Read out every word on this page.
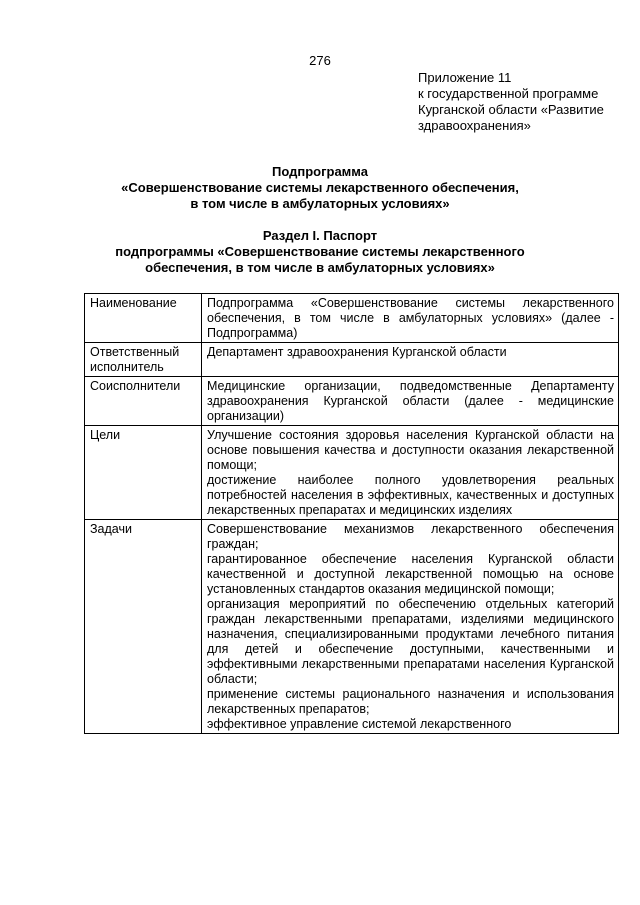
276
Приложение 11
к государственной программе
Курганской области «Развитие
здравоохранения»
Подпрограмма
«Совершенствование системы лекарственного обеспечения,
в том числе в амбулаторных условиях»
Раздел I. Паспорт
подпрограммы «Совершенствование системы лекарственного
обеспечения, в том числе в амбулаторных условиях»
Наименование	Подпрограмма «Совершенствование системы лекарственного обеспечения, в том числе в амбулаторных условиях» (далее - Подпрограмма)
Ответственный исполнитель	Департамент здравоохранения Курганской области
Соисполнители	Медицинские организации, подведомственные Департаменту здравоохранения Курганской области (далее - медицинские организации)
Цели	Улучшение состояния здоровья населения Курганской области на основе повышения качества и доступности оказания лекарственной помощи;
достижение наиболее полного удовлетворения реальных потребностей населения в эффективных, качественных и доступных лекарственных препаратах и медицинских изделиях

Задачи	Совершенствование механизмов лекарственного обеспечения граждан;
гарантированное обеспечение населения Курганской области качественной и доступной лекарственной помощью на основе установленных стандартов оказания медицинской помощи;
организация мероприятий по обеспечению отдельных категорий граждан лекарственными препаратами, изделиями медицинского назначения, специализированными продуктами лечебного питания для детей и обеспечение доступными, качественными и эффективными лекарственными препаратами населения Курганской области;
применение системы рационального назначения и использования лекарственных препаратов;
эффективное управление системой лекарственного
